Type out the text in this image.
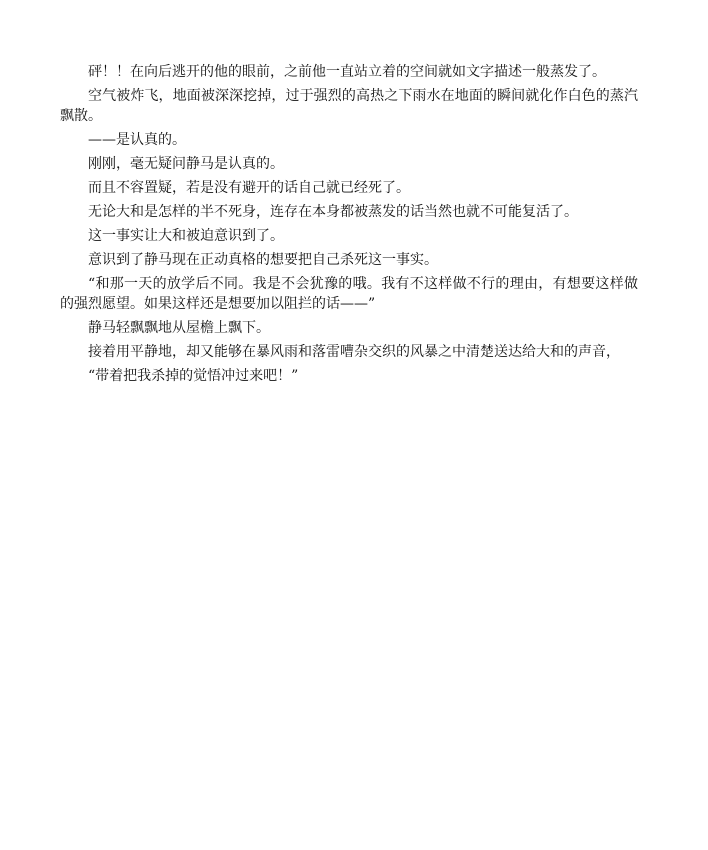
砰！！在向后逃开的他的眼前，之前他一直站立着的空间就如文字描述一般蒸发了。

空气被炸飞，地面被深深挖掉，过于强烈的高热之下雨水在地面的瞬间就化作白色的蒸汽飘散。

——是认真的。

刚刚，毫无疑问静马是认真的。

而且不容置疑，若是没有避开的话自己就已经死了。

无论大和是怎样的半不死身，连存在本身都被蒸发的话当然也就不可能复活了。

这一事实让大和被迫意识到了。

意识到了静马现在正动真格的想要把自己杀死这一事实。

“和那一天的放学后不同。我是不会犹豫的哦。我有不这样做不行的理由，有想要这样做的强烈愿望。如果这样还是想要加以阻拦的话——”

静马轻飘飘地从屋檐上飘下。

接着用平静地，却又能够在暴风雨和落雷嘈杂交织的风暴之中清楚送达给大和的声音，

“带着把我杀掉的觉悟冲过来吧！”
